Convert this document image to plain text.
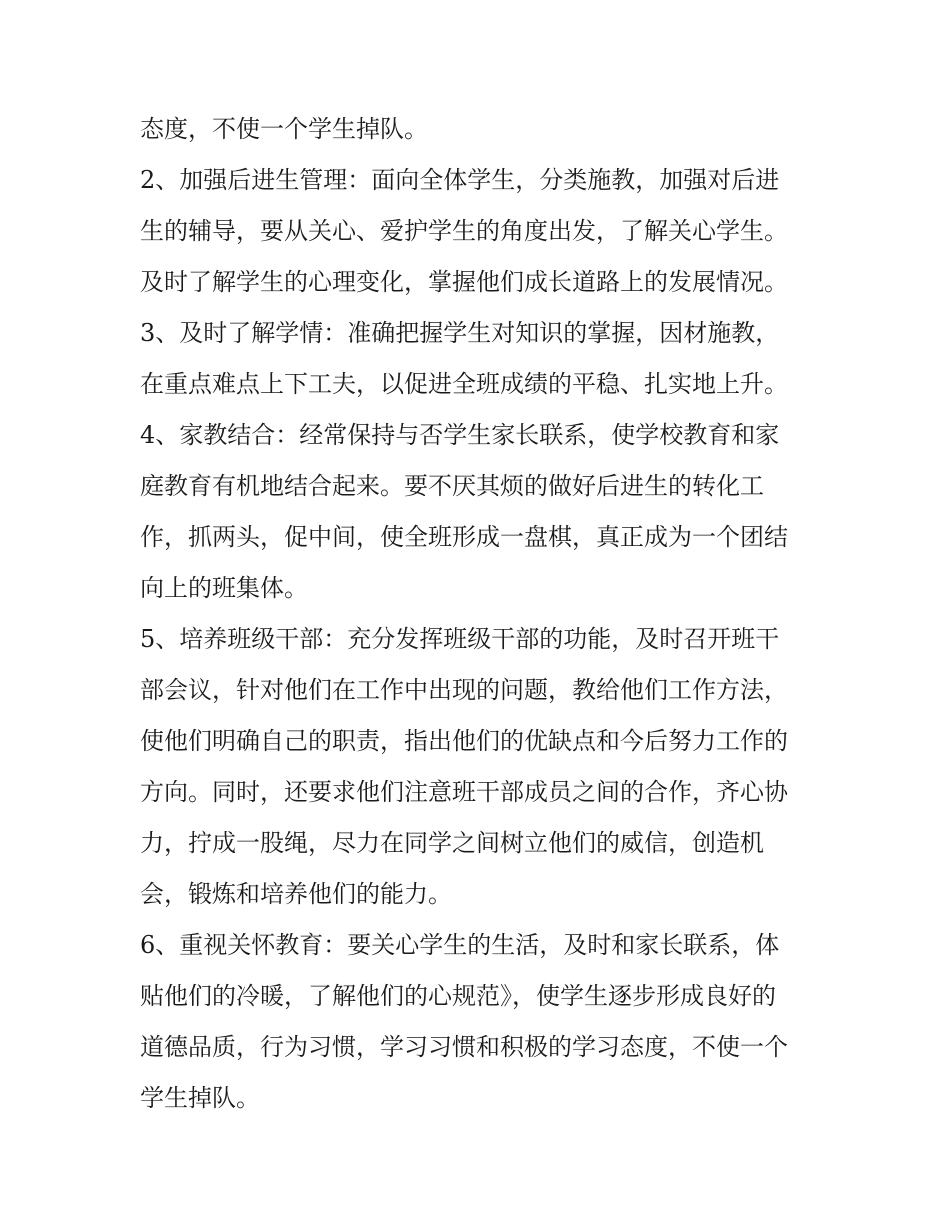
态度，不使一个学生掉队。
2、加强后进生管理：面向全体学生，分类施教，加强对后进
生的辅导，要从关心、爱护学生的角度出发，了解关心学生。
及时了解学生的心理变化，掌握他们成长道路上的发展情况。
3、及时了解学情：准确把握学生对知识的掌握，因材施教，
在重点难点上下工夫，以促进全班成绩的平稳、扎实地上升。
4、家教结合：经常保持与否学生家长联系，使学校教育和家
庭教育有机地结合起来。要不厌其烦的做好后进生的转化工
作，抓两头，促中间，使全班形成一盘棋，真正成为一个团结
向上的班集体。
5、培养班级干部：充分发挥班级干部的功能，及时召开班干
部会议，针对他们在工作中出现的问题，教给他们工作方法，
使他们明确自己的职责，指出他们的优缺点和今后努力工作的
方向。同时，还要求他们注意班干部成员之间的合作，齐心协
力，拧成一股绳，尽力在同学之间树立他们的威信，创造机
会，锻炼和培养他们的能力。
6、重视关怀教育：要关心学生的生活，及时和家长联系，体
贴他们的冷暖，了解他们的心规范》，使学生逐步形成良好的
道德品质，行为习惯，学习习惯和积极的学习态度，不使一个
学生掉队。
